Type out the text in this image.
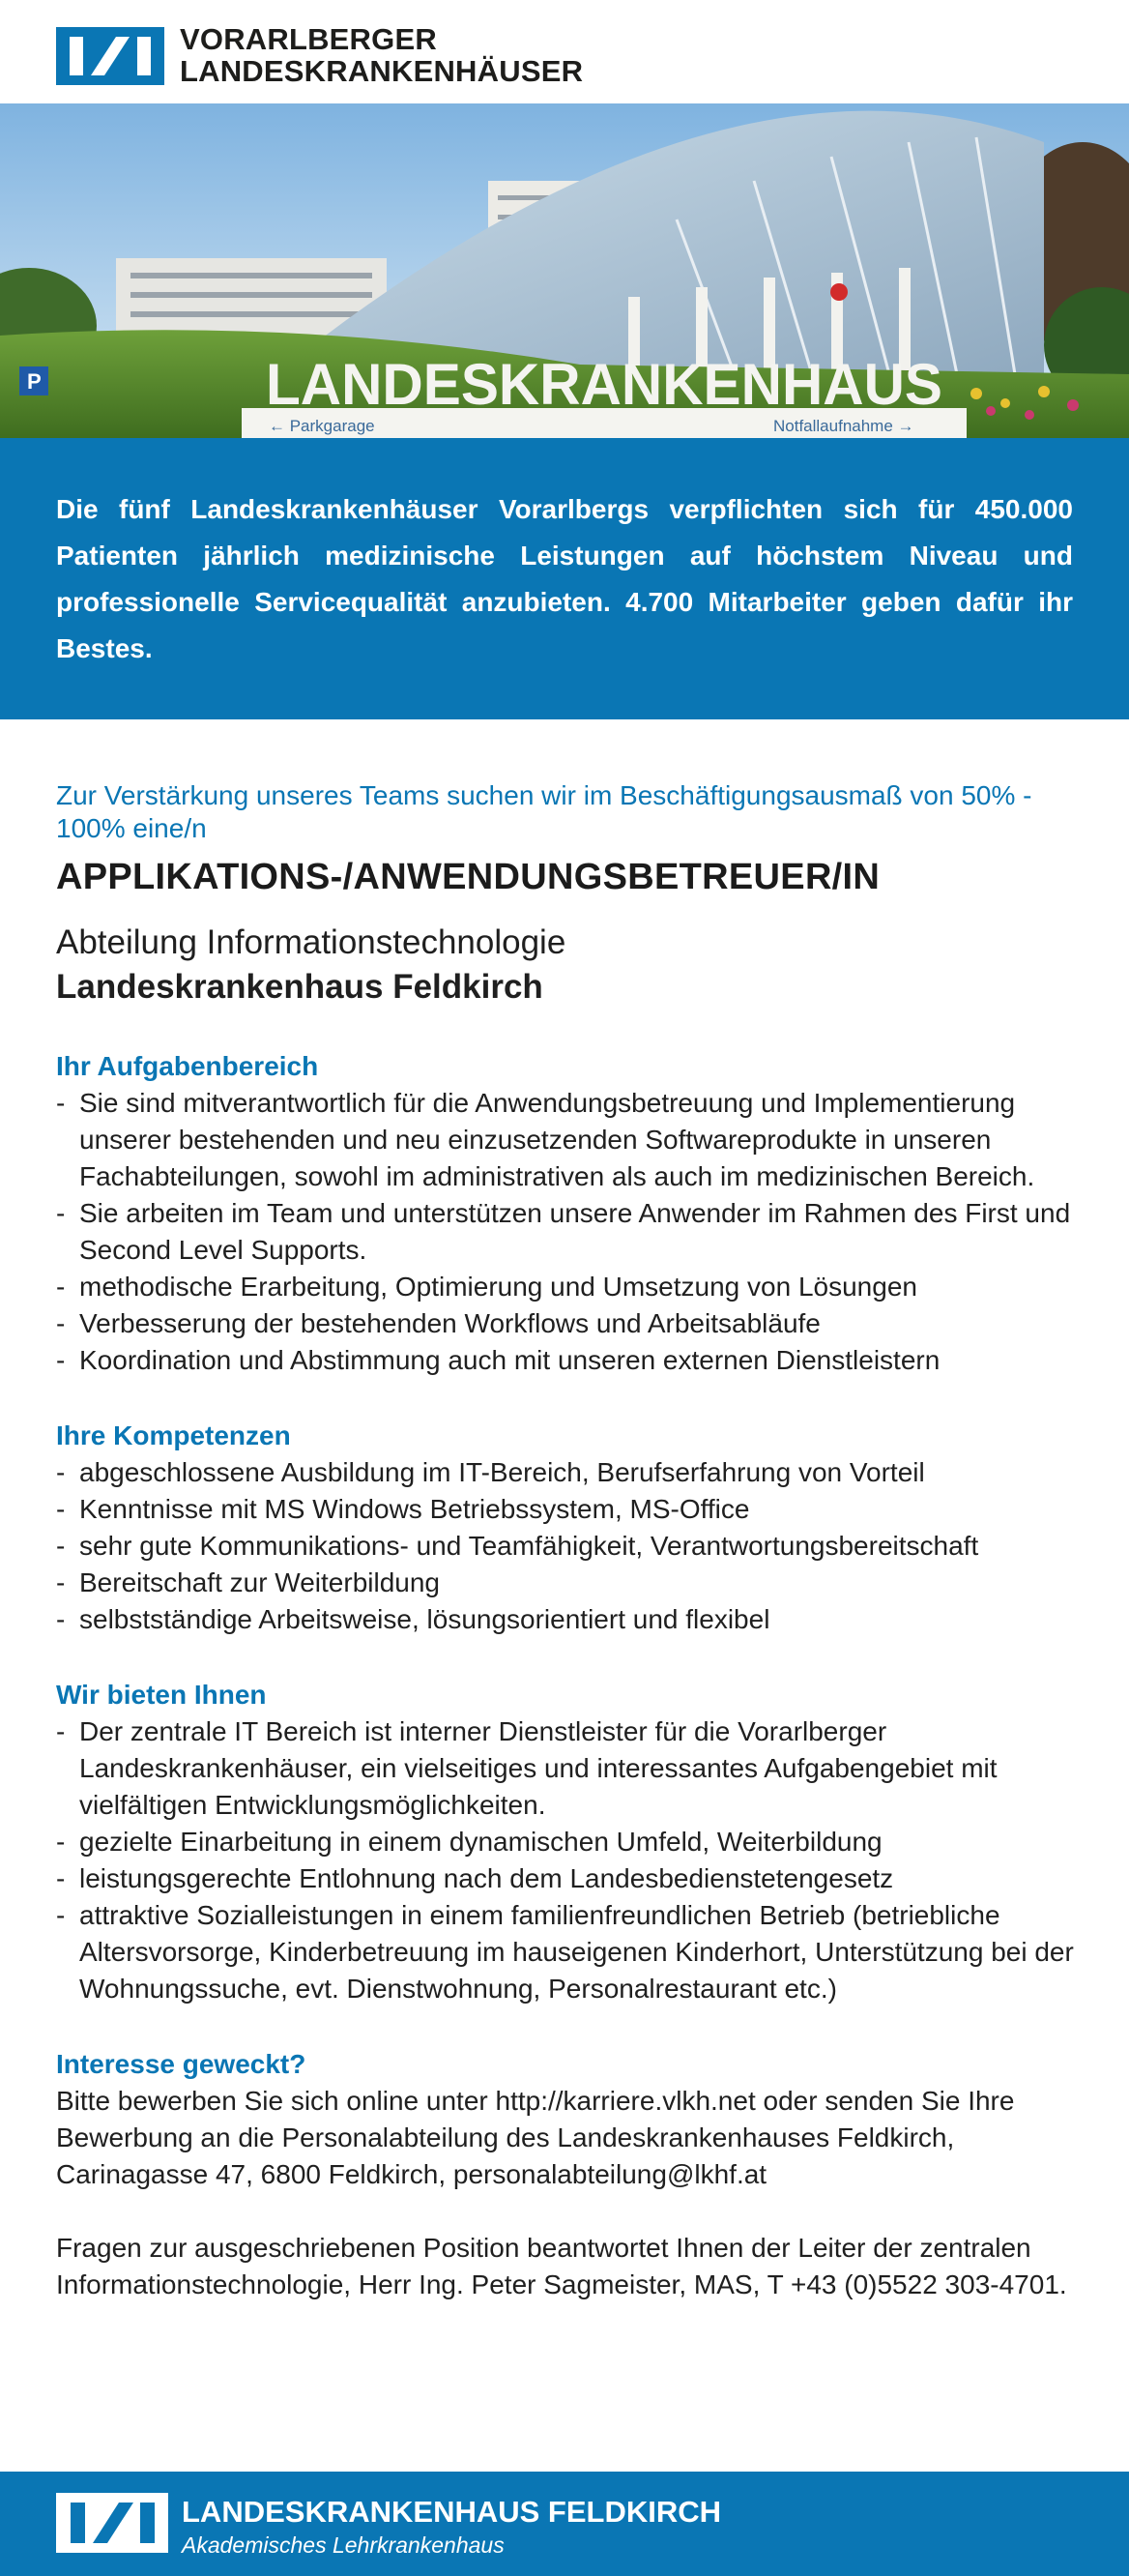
VORARLBERGER
LANDESKRANKENHÄUSER
P	LANDESKRANKENHAUS
← Parkgarage	Notfallaufnahme →

Die fünf Landeskrankenhäuser Vorarlbergs verpflichten sich für 450.000 Patienten jährlich medizinische Leistungen auf höchstem Niveau und professionelle Servicequalität anzubieten. 4.700 Mitarbeiter geben dafür ihr Bestes.

Zur Verstärkung unseres Teams suchen wir im Beschäftigungsausmaß von 50% - 100% eine/n

APPLIKATIONS-/ANWENDUNGSBETREUER/IN
Abteilung Informationstechnologie
Landeskrankenhaus Feldkirch
Ihr Aufgabenbereich
- Sie sind mitverantwortlich für die Anwendungsbetreuung und Implementierung unserer bestehenden und neu einzusetzenden Softwareprodukte in unseren Fachabteilungen, sowohl im administrativen als auch im medizinischen Bereich.
- Sie arbeiten im Team und unterstützen unsere Anwender im Rahmen des First und Second Level Supports.
- methodische Erarbeitung, Optimierung und Umsetzung von Lösungen
- Verbesserung der bestehenden Workflows und Arbeitsabläufe
- Koordination und Abstimmung auch mit unseren externen Dienstleistern
Ihre Kompetenzen
- abgeschlossene Ausbildung im IT-Bereich, Berufserfahrung von Vorteil
- Kenntnisse mit MS Windows Betriebssystem, MS-Office
- sehr gute Kommunikations- und Teamfähigkeit, Verantwortungsbereitschaft
- Bereitschaft zur Weiterbildung
- selbstständige Arbeitsweise, lösungsorientiert und flexibel
Wir bieten Ihnen
- Der zentrale IT Bereich ist interner Dienstleister für die Vorarlberger Landeskrankenhäuser, ein vielseitiges und interessantes Aufgabengebiet mit vielfältigen Entwicklungsmöglichkeiten.
- gezielte Einarbeitung in einem dynamischen Umfeld, Weiterbildung
- leistungsgerechte Entlohnung nach dem Landesbedienstetengesetz
- attraktive Sozialleistungen in einem familienfreundlichen Betrieb (betriebliche Altersvorsorge, Kinderbetreuung im hauseigenen Kinderhort, Unterstützung bei der Wohnungssuche, evt. Dienstwohnung, Personalrestaurant etc.)
Interesse geweckt?

Bitte bewerben Sie sich online unter http://karriere.vlkh.net oder senden Sie Ihre Bewerbung an die Personalabteilung des Landeskrankenhauses Feldkirch, Carinagasse 47, 6800 Feldkirch, personalabteilung@lkhf.at

Fragen zur ausgeschriebenen Position beantwortet Ihnen der Leiter der zentralen Informationstechnologie, Herr Ing. Peter Sagmeister, MAS, T +43 (0)5522 303-4701.

LANDESKRANKENHAUS FELDKIRCH
Akademisches Lehrkrankenhaus
